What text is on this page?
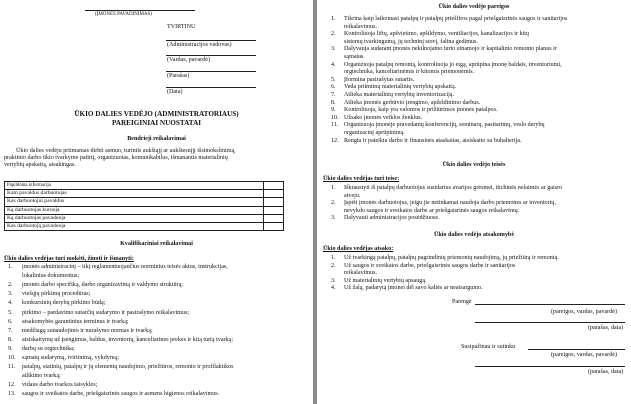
(ĮMONĖS PAVADINIMAS)
TVIRTINU
(Administracijos vadovas)
(Vardas, pavardė)
(Parašas)
(Data)
ŪKIO DALIES VEDĖJO (ADMINISTRATORIAUS)
PAREIGINIAI NUOSTATAI
Bendrieji reikalavimai
Ūkio dalies vedėju priimamas dirbti asmuo, turintis aukštąjį ar aukštesnįjį išsimokslinimą,
praktinio darbo ūkio tvarkyme patirtį, organizuotas, komunikabilus, išmanantis materialinių
vertybių apskaitą, atsakingas.
Papildoma informacija	
Kam pavaldus darbuotojas	
Kas darbuotojui pavaldus	
Ką darbuotojas kuruoja	
Ką darbuotojas pavaduoja	
Kas darbuotoją pavaduoja	
Kvalifikaciniai reikalavimai
Ūkio dalies vedėjas turi mokėti, žinoti ir išmanyti:
1. įmonės administracinį – tikį reglamentuojančius norminius teisės aktus, instrukcijas,
lokalinius dokumentus;
2. įmonės darbo specifiką, darbo organizavimą ir valdymo struktūrą;
3. viešųjų pirkimų procedūras;
4. konkursinių derybų pirkimo būdą;
5. pirkimo – pardavimo sutarčių sudarymo ir pasirašymo reikalavimus;
6. atsakomybės garantinius terminus ir tvarką;
7. medžiagų sunaudojimo ir nurašymo normas ir tvarką;
8. atsiskaitymų už įsengimus, baldus, inventorių, kanceliarines prekes ir kitą turtą tvarką;
9. darbų su orgtechnika;
10. sąmatų sudarymą, tvirtinimą, vykdymą;
11. patalpų, statinių, patalpų ir jų elementų naudojimo, priežiūros, remonto ir profilaktikos
atlikimo tvarką;
12. vidaus darbo tvarkos taisykles;
13. saugos ir sveikatos darbe, priešgaisrinės saugos ir asmens higienos reikalavimus.
Ūkio dalies vedėjo pareigos
1. Tikrina kaip laikomasi patalpų ir patalpų priešfiros pagal priešgaisrinės saugos ir sanitarijos
reikalavimus.
2. Kontroliuoja liftų, apšvietimo, apšildymo, ventiliacijos, kanalizacijos ir kitų
sistemų tvarkingumą, jų techninį stovį, falina gedimus.
3. Dalyvauja sudarant įmonės nekilnojamo turto einamojo ir kapitalinio remonto planus ir
sąmatas.
4. Organizuoja patalpų remontą, kontroliuoja jo eigą, aprūpina įmonę baldais, inventoriumi,
orgtechnika, kanceliarinėmis ir kitomis priemonėmis.
5. Įforminа pasirašytas sutartis.
6. Veda priimtinų materialinių vertybių apskaitą.
7. Atlieka materialinių vertybių inventorizaciją.
8. Atlieka įmonės gerbūvio įrengimo, apželdinimo darbus.
9. Kontroliuoja, kaip yra valomos ir prižiūrimos įmonės patalpos.
10. Užsako įmonės veiklos ženklus.
11. Organizuoja įmonėje pravedamų konferencijų, seminarų, pasitarimų, veslo derybų
organizacinį aprūpinimą.
12. Rengia ir pateikia darbo ir finansinės ataskaitas, atsiskaito su buhalterija.
Ūkio dalies vedėjo teisės
Ūkio dalies vedėjas turi teise:
1. Iškraustyti iš patalpų darbuotojus susidarius avarijos grėsmei, itichinės nelaimės ar gaisro
atveju.
2. Įspėti įmonės darbuotojus, jeigu jie netinkamai naudoja darbo priemones ar inventorių,
nevykdo saugos ir sveikatos darbe ar priešgaisrinės saugos reikalavimų.
3. Dalyvauti administracijos posėdžiuose.
Ūkio dalies vedėjo atsakomybė
Ūkio dalies vedėjas atsako:
1. Už tvarkingą patalpų, patalpų pagrindinių priemonių naudojimą, jų priežiūrą ir remontą.
2. Už saugos ir sveikatos darbe, priešgaisrinės saugos darbe ir sanitarijos
reikalavimus.
3. Už materialinių vertybių apsaugą.
4. Už žalą, padarytą įmonei dėl savo kaltės ar neatsargumo.
Parengė
(pareigos, vardas, pavardė)
(parašas, data)
Susipažinau ir sutinku
(pareigos, vardas, pavardė)
(parašas, data)
